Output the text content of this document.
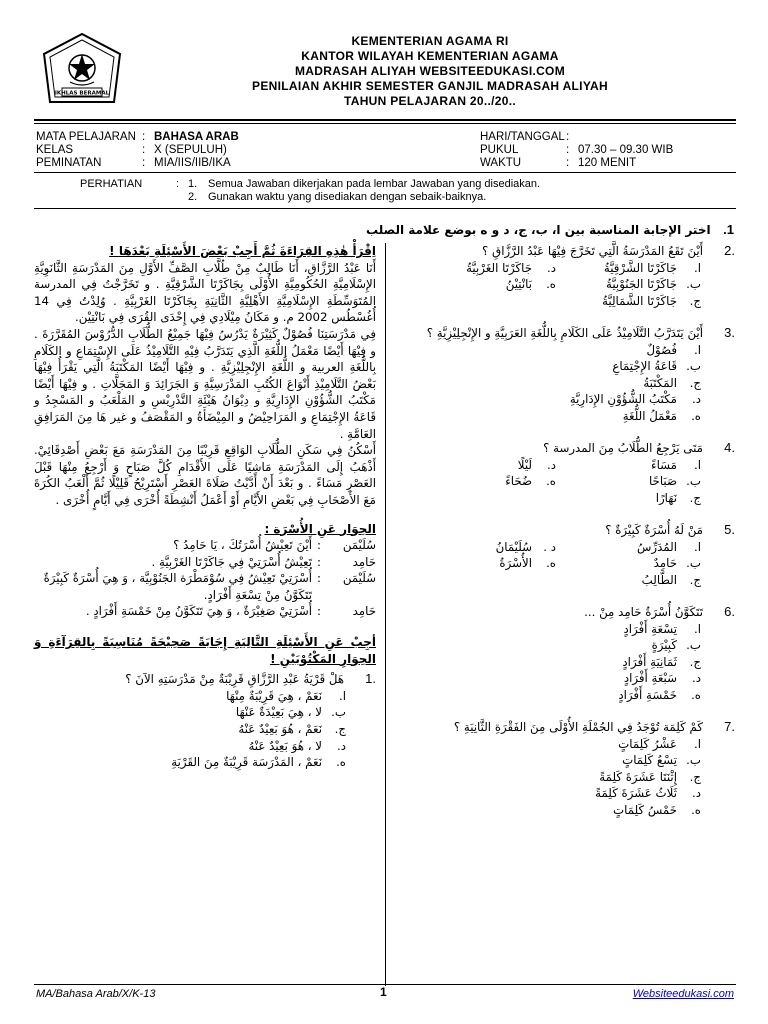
IKHLAS BERAMAL
KEMENTERIAN AGAMA RI
KANTOR WILAYAH KEMENTERIAN AGAMA
MADRASAH ALIYAH WEBSITEEDUKASI.COM
PENILAIAN AKHIR SEMESTER GANJIL MADRASAH ALIYAH
TAHUN PELAJARAN 20../20..
MATA PELAJARAN : BAHASA ARAB
KELAS	: X (SEPULUH)
PEMINATAN	: MIA/IIS/IIB/IKA
HARI/TANGGAL :
PUKUL	: 07.30 – 09.30 WIB
WAKTU	: 120 MENIT
PERHATIAN	: 1. Semua Jawaban dikerjakan pada lembar Jawaban yang disediakan.
2. Gunakan waktu yang disediakan dengan sebaik-baiknya.
1.   اختر الإجابة المناسبة بين ا، ب، ج، د و ه بوضع علامة الصلب

اِقْرَأْ هٰذِهِ القِرَاءَةَ ثُمَّ أَجِبْ بَعْضَ الأَسْئِلَةِ بَعْدَهَا !

أَنَا عَبْدُ الرَّزَّاقِ، أَنَا طَالِبٌ مِنْ طُلَّابِ الصَّفِّ الأَوَّلِ مِنَ المَدْرَسَةِ الثَّانَوِيَّةِ الإِسْلَامِيَّةِ الحُكُومِيَّةِ الأُوْلَى بِجَاكَرْتَا الشَّرْقِيَّةِ . و تَخَرَّجْتُ فِي المدرسة المُتَوَسِّطَةِ الإِسْلَامِيَّةِ الأَهْلِيَّةِ الثَّانِيَةِ بِجَاكَرْتَا الغَرْبِيَّةِ . وُلِدْتُ فِي 14 أُغُسْطُس 2002 م. و مَكَانُ مِيْلَادِي فِي إِحْدَى القُرَى فِي بَانْتِيْن.

فِي مَدْرَسَتِنَا فُصُوْلٌ كَثِيْرَةٌ يَدْرُسُ فِيْهَا جَمِيْعُ الطُّلَابِ الدُّرُوْسَ المُقَرَّرَةَ . و فِيْهَا أَيْضًا مَعْمَلُ اللُّغَةِ الَّذِي يَتَدَرَّبُ فِيْهِ التَّلَامِيْذُ عَلَى الإِسْتِمَاعِ و الكَلَامِ بِاللُّغَةِ العربية و اللُّغَةِ الإِنْجِلِيْزِيَّةِ . و فِيْهَا أَيْضًا المَكْتَبَةُ الَّتِي يَقْرَأُ فِيْهَا بَعْضُ التَّلَامِيْذِ أَنْوَاعَ الكُتُبِ المَدْرَسِيَّةِ وَ الجَرَائِدَ وَ المَجَلَّاتِ . و فِيْهَا أَيْضًا مَكْتَبُ الشُّؤُوْنِ الإِدَارِيَّةِ و دِيْوَانُ هَيْئَةِ التَّدْرِيْسِ و المَلْعَبُ و المَسْجِدُ و قَاعَةُ الإِجْتِمَاعِ و المَرَاحِيْضُ و المِيْضَأَةُ و المَقْصَفُ و غير هَا مِنَ المَرَافِقِ العَامَّةِ .

أَسْكُنُ فِي سَكَنِ الطُّلَابِ الوَاقِعِ قَرِيْبًا مِنَ المَدْرَسَةِ مَعَ بَعْضِ أَصْدِقَائِيْ. أَذْهَبُ إِلَى المَدْرَسَةِ مَاشِيًا عَلَى الأَقْدَامِ كُلَّ صَبَاحٍ وَ أَرْجِعُ مِنْهَا قَبْلَ العَصْرِ مَسَاءً . و بَعْدَ أَنْ أَدَّيْتُ صَلَاةَ العَصْرِ أَسْتَرِيْحُ قَلِيْلًا ثُمَّ أَلْعَبُ الكُرَةَ مَعَ الأَصْحَابِ فِي بَعْضِ الأَيَّامِ أَوْ أَعْمَلُ أَنْشِطَةً أُخْرَى فِي أَيَّامٍ أُخْرَى .

الحِوَار عَنِ الأُسْرَة :

سُلَيْمَن
:
أَيْنَ تَعِيْشُ أُسْرَتُكَ ، يَا حَامِدُ ؟
حَامِد
:
تَعِيْشُ أُسْرَتِيْ فِي جَاكَرْتَا الغَرْبِيَّةِ .
سُلَيْمَن
:
أُسْرَتِيْ تَعِيْشُ فِي سُوْمَطْرَة الجَنُوْبِيَّة ، وَ هِيَ أُسْرَةٌ كَبِيْرَةٌ تَتَكَوَّنُ مِنْ تِسْعَةِ أَفْرَادٍ.
حَامِد
:
أُسْرَتِيْ صَغِيْرَةٌ ، وَ هِيَ تَتَكَوَّنُ مِنْ خَمْسَةِ أَفْرَادٍ .

أجِبْ عَنِ الأَسْئِلَةِ التَّالِيَةِ إِجَابَةً صَحِيْحَةً مُنَاسِبَةً بِالقِرَآءَةِ وَ الحِوَارِ المَكْتُوْبَيْنِ !

1.
هَلْ قَرْيَةُ عَبْدِ الرَّزَّاقِ قَرِيْبَةٌ مِنْ مَدْرَسَتِهِ الآنَ ؟
ا.
نَعَمْ ، هِيَ قَرِيْبَةٌ مِنْهَا
ب.
لا ، هِيَ بَعِيْدَةٌ عَنْهَا
ج.
نَعَمْ ، هُوَ بَعِيْدٌ عَنْهُ
د.
لا ، هُوَ بَعِيْدٌ عَنْهُ
ه.
نَعَمْ ، المَدْرَسَة قَرِيْبَةٌ مِنَ القَرْيَةِ
2.
أَيْنَ تَقَعُ المَدْرَسَةُ الَّتِي تَخَرَّجَ فِيْهَا عَبْدُ الرَّزَّاقِ ؟
ا.
جَاكَرْتَا الشَّرْقِيَّةُ
د.
جَاكَرْتَا الغَرْبِيَّةُ
ب.
جَاكَرْتَا الجَنُوْبِيَّةُ
ه.
بَانْتِيْنُ
ج.
جَاكَرْتَا الشَّمَالِيَّةُ
3.
أَيْنَ يَتَدَرَّبُ التَّلَامِيْذُ عَلَى الكَلَامِ بِاللُّغَةِ العَرَبِيَّةِ و الإِنْجِلِيْزِيَّةِ ؟
ا.
فُصُوْلٌ
ب.
قَاعَةُ الإِجْتِمَاعِ
ج.
المَكْتَبَةُ
د.
مَكْتَبُ الشُّؤُوْنِ الإِدَارِيَّةِ
ه.
مَعْمَلُ اللُّغَةِ
4.
مَتَى يَرْجِعُ الطُّلَابُ مِنَ المدرسة ؟
ا.
مَسَاءً
د.
لَيْلًا
ب.
صَبَاحًا
ه.
ضُحَاءً
ج.
نَهَارًا
5.
مَنْ لَهُ أُسْرَةٌ كَبِيْرَةٌ ؟
ا.
المُدَرِّسُ
د .
سُلَيْمَانُ
ب.
حَامِدٌ
ه.
الأُسْرَةُ
ج.
الطَّالِبُ
6.
تَتَكَوَّنُ أُسْرَةُ حَامِد مِنْ ...
ا.
تِسْعَةِ أَفْرَادٍ
ب.
كَبِيْرَةٍ
ج.
ثَمَانِيَةِ أَفْرَادٍ
د.
سَبْعَةِ أَفْرَادٍ
ه.
خَمْسَةِ أَفْرَادٍ
7.
كَمْ كَلِمَة تُوْجَدُ فِي الجُمْلَةِ الأُوْلَى مِنَ الفَقْرَةِ الثَّانِيَةِ ؟
ا.
عَشْرُ كَلِمَاتٍ
ب.
تِسْعُ كَلِمَاتٍ
ج.
إِثْنَتَا عَشَرَةَ كَلِمَةً
د.
ثَلَاثُ عَشَرَةَ كَلِمَةً
ه.
خَمْسُ كَلِمَاتٍ
MA/Bahasa Arab/X/K-13	1	Websiteedukasi.com
